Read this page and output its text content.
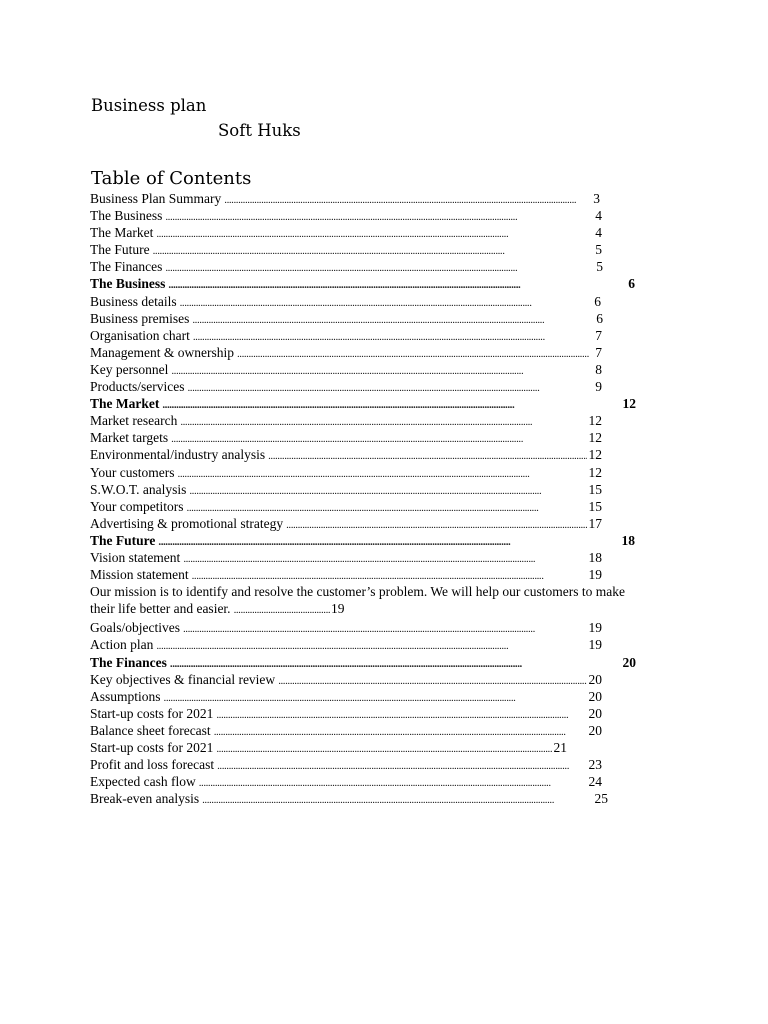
Business plan
Soft Huks
Table of Contents
Business Plan Summary . . .	3
The Business . . .	4
The Market . . .	4
The Future . . .	5
The Finances . . .	5
The Business . . .	6
Business details . . .	6
Business premises . . .	6
Organisation chart . . .	7
Management & ownership . . .	7
Key personnel . . .	8
Products/services . . .	9
The Market . . .	12
Market research . . .	12
Market targets . . .	12
Environmental/industry analysis . . .	12
Your customers . . .	12
S.W.O.T. analysis . . .	15
Your competitors . . .	15
Advertising & promotional strategy . . .	17
The Future . . .	18
Vision statement . . .	18
Mission statement . . .	19
Our mission is to identify and resolve the customer’s problem. We will help our customers to make
their life better and easier. . . . . . . . . . . . . . . . . . . . . . . . . . . . . . . . . . . . . . . . . . . 19
Goals/objectives . . .	19
Action plan . . .	19
The Finances . . .	20
Key objectives & financial review . . .	20
Assumptions . . .	20
Start-up costs for 2021 . . .	20
Balance sheet forecast . . .	20
Start-up costs for 2021 . . .	21
Profit and loss forecast . . .	23
Expected cash flow . . .	24
Break-even analysis . . .	25
